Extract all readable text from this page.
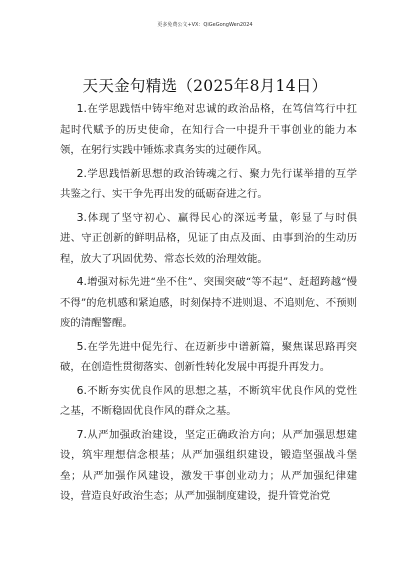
更多免费公文+VX：QiGeGongWen2024
天天金句精选（2025年8月14日）

1.在学思践悟中铸牢绝对忠诚的政治品格，在笃信笃行中扛起时代赋予的历史使命，在知行合一中提升干事创业的能力本领，在躬行实践中锤炼求真务实的过硬作风。

2.学思践悟新思想的政治铸魂之行、聚力先行谋举措的互学共鉴之行、实干争先再出发的砥砺奋进之行。

3.体现了坚守初心、赢得民心的深远考量，彰显了与时俱进、守正创新的鲜明品格，见证了由点及面、由事到治的生动历程，放大了巩固优势、常态长效的治理效能。

4.增强对标先进“坐不住”、突围突破“等不起”、赶超跨越“慢不得”的危机感和紧迫感，时刻保持不进则退、不追则危、不预则废的清醒警醒。

5.在学先进中促先行、在迈新步中谱新篇，聚焦谋思路再突破，在创造性贯彻落实、创新性转化发展中再提升再发力。

6.不断夯实优良作风的思想之基，不断筑牢优良作风的党性之基，不断稳固优良作风的群众之基。

7.从严加强政治建设，坚定正确政治方向；从严加强思想建设，筑牢理想信念根基；从严加强组织建设，锻造坚强战斗堡垒；从严加强作风建设，激发干事创业动力；从严加强纪律建设，营造良好政治生态；从严加强制度建设，提升管党治党
